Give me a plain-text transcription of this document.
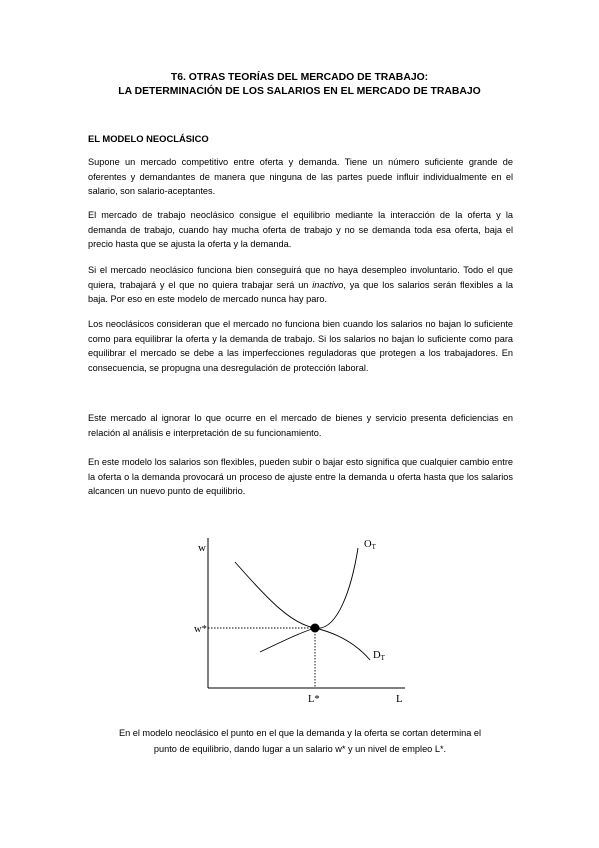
T6. OTRAS TEORÍAS DEL MERCADO DE TRABAJO:
LA DETERMINACIÓN DE LOS SALARIOS EN EL MERCADO DE TRABAJO
EL MODELO NEOCLÁSICO
Supone un mercado competitivo entre oferta y demanda. Tiene un número suficiente grande de oferentes y demandantes de manera que ninguna de las partes puede influir individualmente en el salario, son salario-aceptantes.
El mercado de trabajo neoclásico consigue el equilibrio mediante la interacción de la oferta y la demanda de trabajo, cuando hay mucha oferta de trabajo y no se demanda toda esa oferta, baja el precio hasta que se ajusta la oferta y la demanda.
Si el mercado neoclásico funciona bien conseguirá que no haya desempleo involuntario. Todo el que quiera, trabajará y el que no quiera trabajar será un inactivo, ya que los salarios serán flexibles a la baja. Por eso en este modelo de mercado nunca hay paro.
Los neoclásicos consideran que el mercado no funciona bien cuando los salarios no bajan lo suficiente como para equilibrar la oferta y la demanda de trabajo. Si los salarios no bajan lo suficiente como para equilibrar el mercado se debe a las imperfecciones reguladoras que protegen a los trabajadores. En consecuencia, se propugna una desregulación de protección laboral.
Este mercado al ignorar lo que ocurre en el mercado de bienes y servicio presenta deficiencias en relación al análisis e interpretación de su funcionamiento.
En este modelo los salarios son flexibles, pueden subir o bajar esto significa que cualquier cambio entre la oferta o la demanda provocará un proceso de ajuste entre la demanda u oferta hasta que los salarios alcancen un nuevo punto de equilibrio.
w
L
OT
DT
w*
L*
En el modelo neoclásico el punto en el que la demanda y la oferta se cortan determina el
punto de equilibrio, dando lugar a un salario w* y un nivel de empleo L*.
